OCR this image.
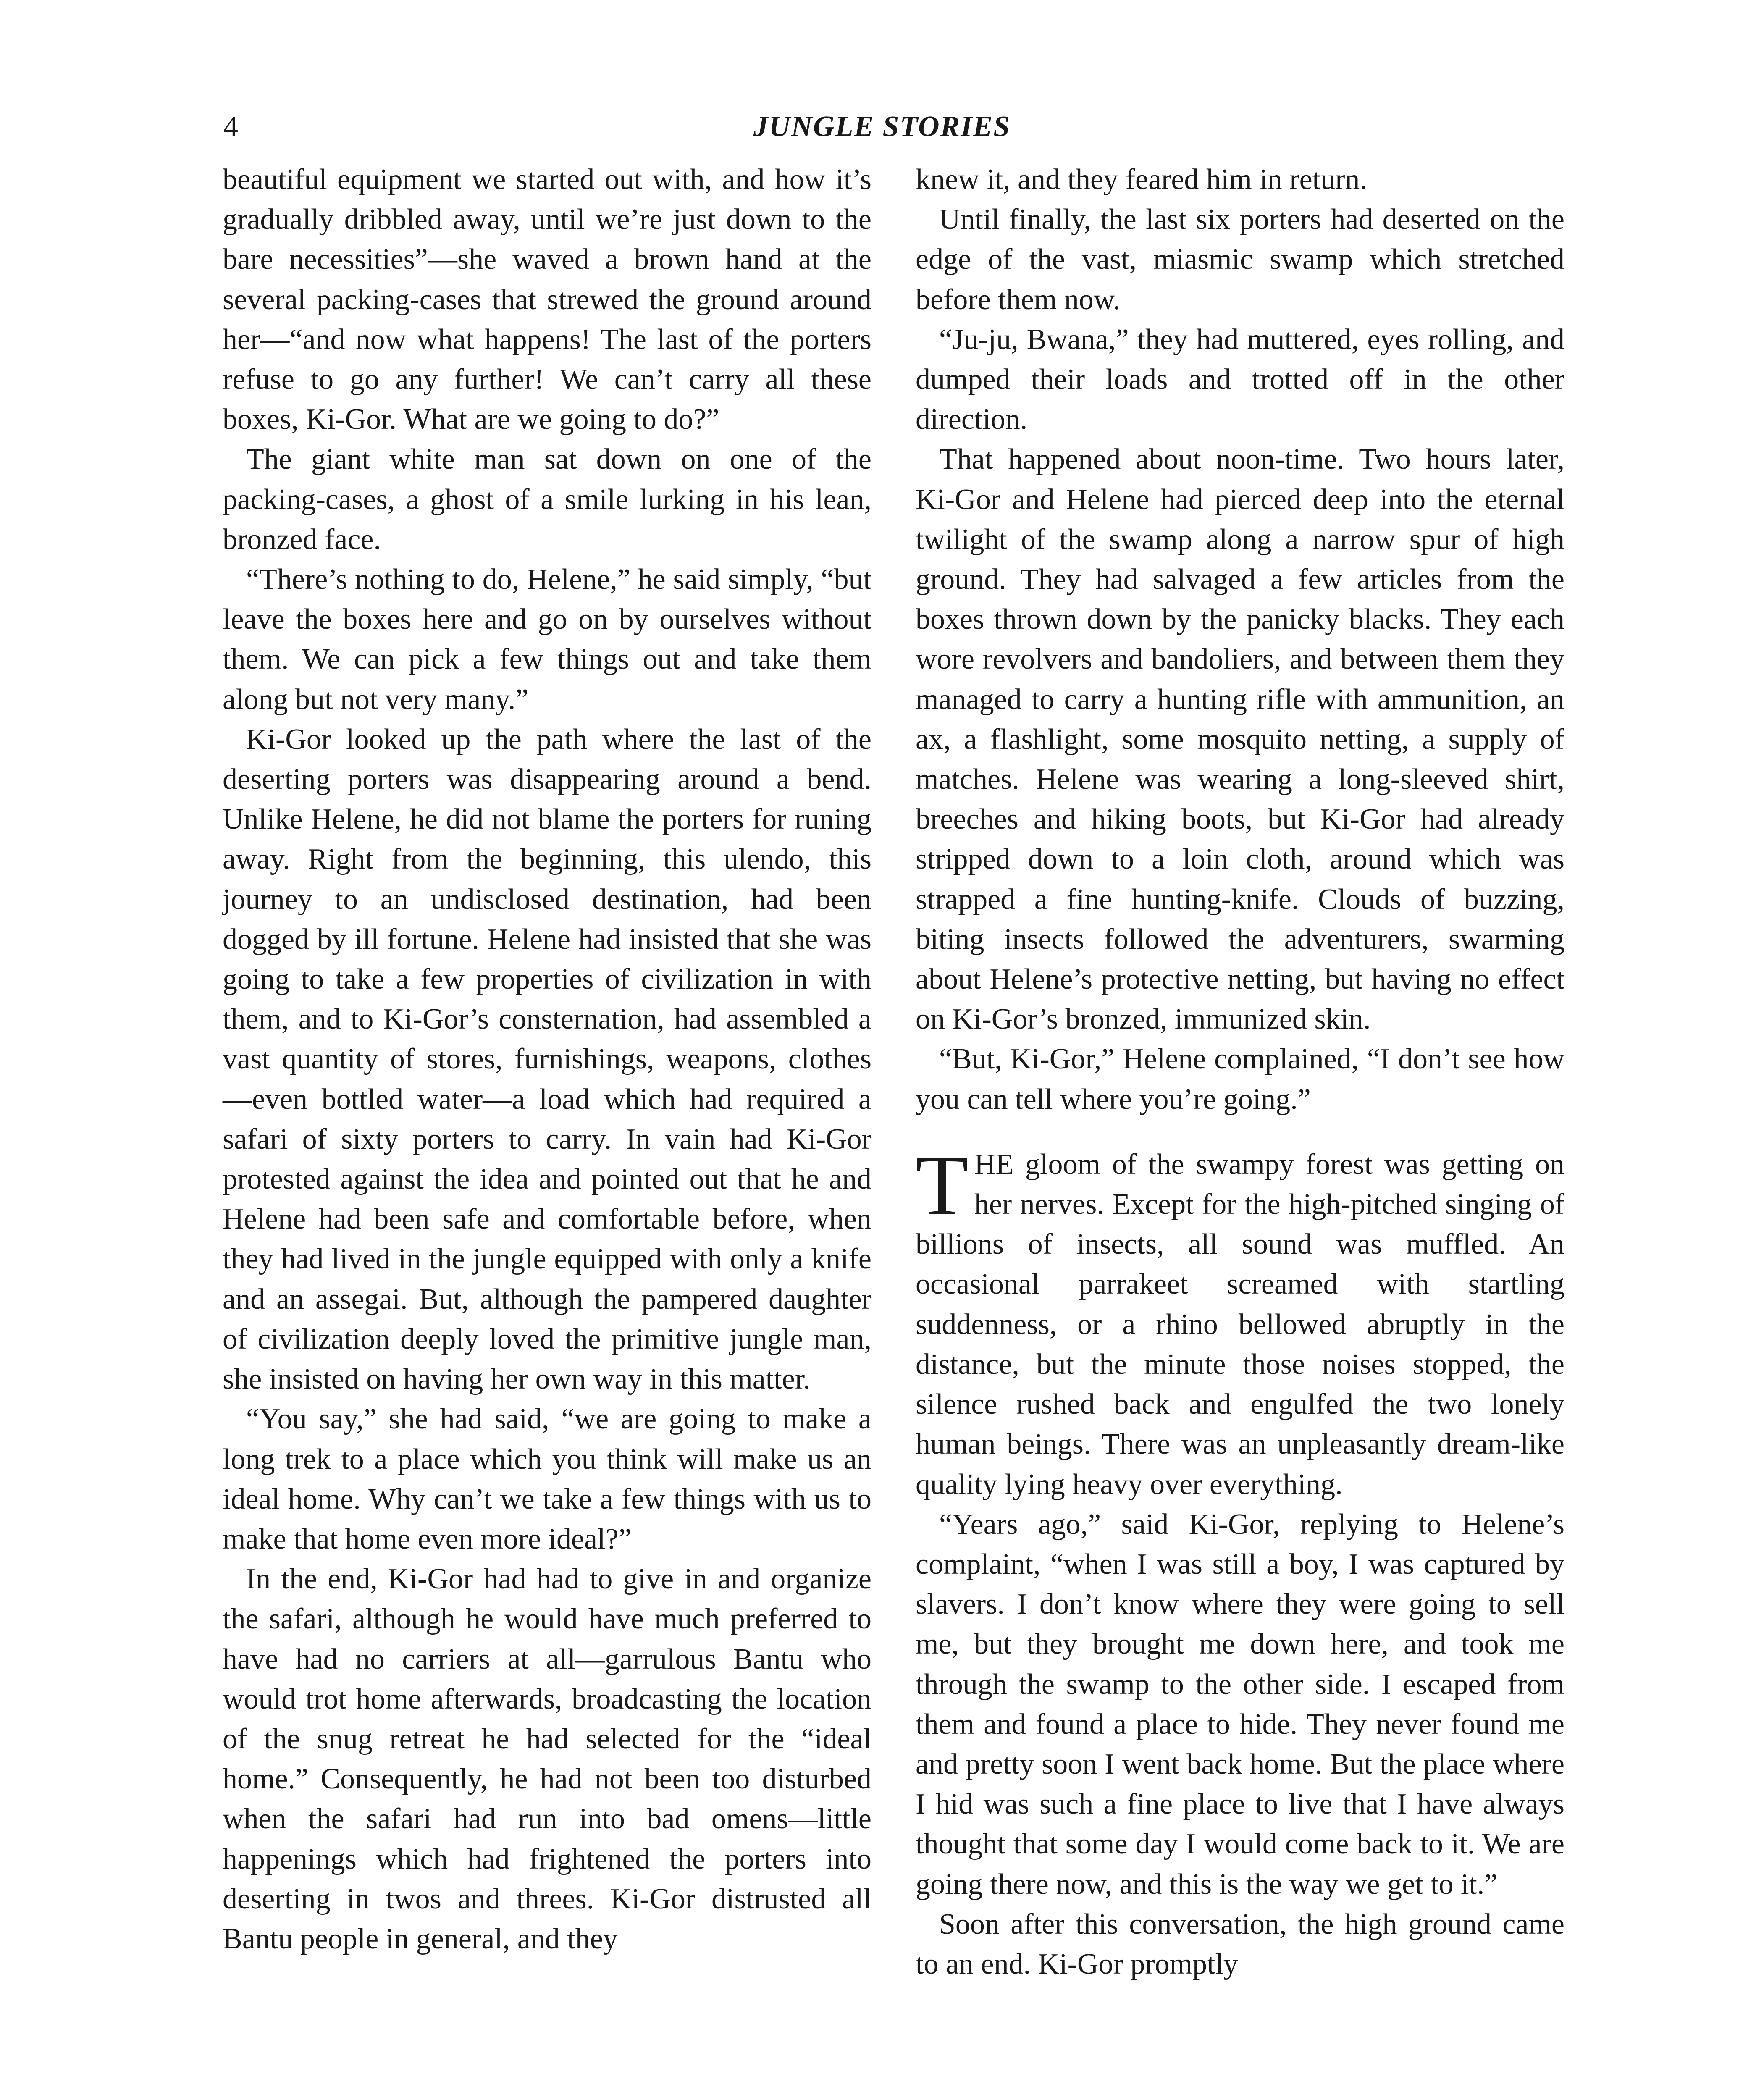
4	JUNGLE STORIES

beautiful equipment we started out with, and how it’s gradually dribbled away, until we’re just down to the bare necessities”—she waved a brown hand at the several packing-cases that strewed the ground around her—“and now what happens! The last of the porters refuse to go any further! We can’t carry all these boxes, Ki-Gor. What are we going to do?”

The giant white man sat down on one of the packing-cases, a ghost of a smile lurking in his lean, bronzed face.

“There’s nothing to do, Helene,” he said simply, “but leave the boxes here and go on by ourselves without them. We can pick a few things out and take them along but not very many.”

Ki-Gor looked up the path where the last of the deserting porters was disappearing around a bend. Unlike Helene, he did not blame the porters for runing away. Right from the beginning, this ulendo, this journey to an undisclosed destination, had been dogged by ill fortune. Helene had insisted that she was going to take a few properties of civilization in with them, and to Ki-Gor’s consternation, had assembled a vast quantity of stores, furnishings, weapons, clothes—even bottled water—a load which had required a safari of sixty porters to carry. In vain had Ki-Gor protested against the idea and pointed out that he and Helene had been safe and comfortable before, when they had lived in the jungle equipped with only a knife and an assegai. But, although the pampered daughter of civilization deeply loved the primitive jungle man, she insisted on having her own way in this matter.

“You say,” she had said, “we are going to make a long trek to a place which you think will make us an ideal home. Why can’t we take a few things with us to make that home even more ideal?”

In the end, Ki-Gor had had to give in and organize the safari, although he would have much preferred to have had no carriers at all—garrulous Bantu who would trot home afterwards, broadcasting the location of the snug retreat he had selected for the “ideal home.” Consequently, he had not been too disturbed when the safari had run into bad omens—little happenings which had frightened the porters into deserting in twos and threes. Ki-Gor distrusted all Bantu people in general, and they

knew it, and they feared him in return.

Until finally, the last six porters had deserted on the edge of the vast, miasmic swamp which stretched before them now.

“Ju-ju, Bwana,” they had muttered, eyes rolling, and dumped their loads and trotted off in the other direction.

That happened about noon-time. Two hours later, Ki-Gor and Helene had pierced deep into the eternal twilight of the swamp along a narrow spur of high ground. They had salvaged a few articles from the boxes thrown down by the panicky blacks. They each wore revolvers and bandoliers, and between them they managed to carry a hunting rifle with ammunition, an ax, a flashlight, some mosquito netting, a supply of matches. Helene was wearing a long-sleeved shirt, breeches and hiking boots, but Ki-Gor had already stripped down to a loin cloth, around which was strapped a fine hunting-knife. Clouds of buzzing, biting insects followed the adventurers, swarming about Helene’s protective netting, but having no effect on Ki-Gor’s bronzed, immunized skin.

“But, Ki-Gor,” Helene complained, “I don’t see how you can tell where you’re going.”

THE gloom of the swampy forest was getting on her nerves. Except for the high-pitched singing of billions of insects, all sound was muffled. An occasional parrakeet screamed with startling suddenness, or a rhino bellowed abruptly in the distance, but the minute those noises stopped, the silence rushed back and engulfed the two lonely human beings. There was an unpleasantly dream-like quality lying heavy over everything.

“Years ago,” said Ki-Gor, replying to Helene’s complaint, “when I was still a boy, I was captured by slavers. I don’t know where they were going to sell me, but they brought me down here, and took me through the swamp to the other side. I escaped from them and found a place to hide. They never found me and pretty soon I went back home. But the place where I hid was such a fine place to live that I have always thought that some day I would come back to it. We are going there now, and this is the way we get to it.”

Soon after this conversation, the high ground came to an end. Ki-Gor promptly
